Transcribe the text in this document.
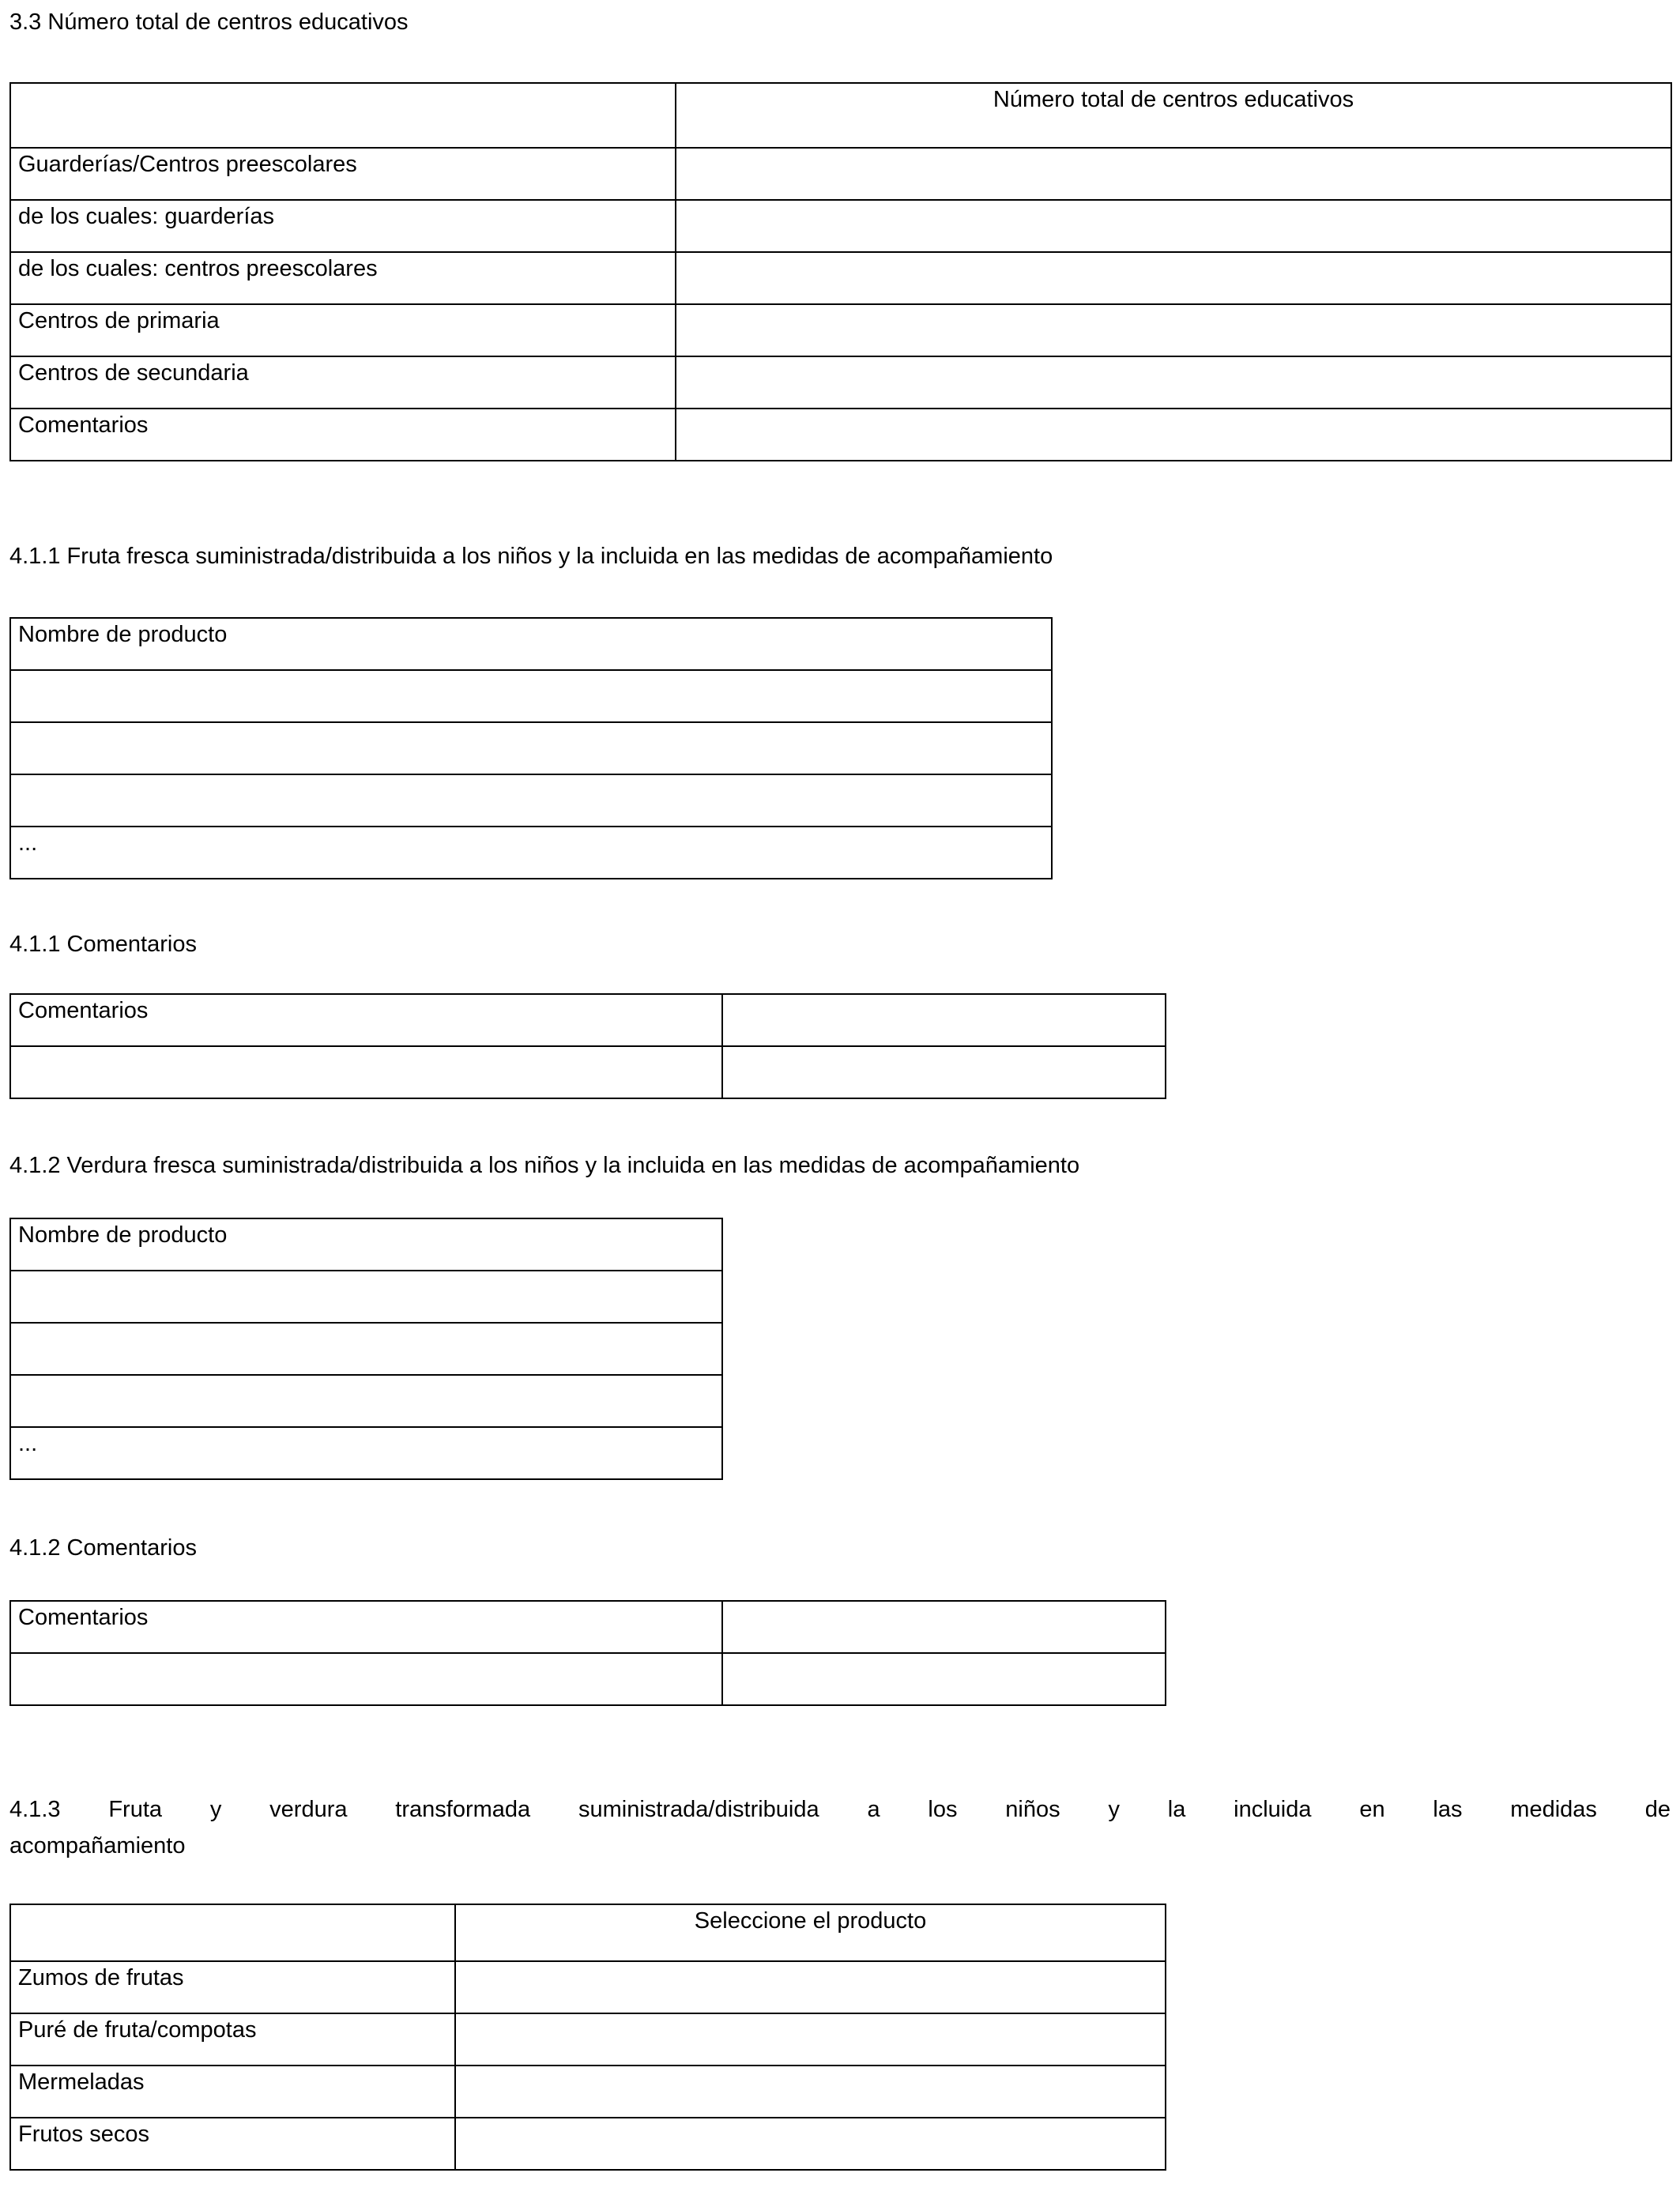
3.3 Número total de centros educativos
	Número total de centros educativos
Guarderías/Centros preescolares	
de los cuales: guarderías	
de los cuales: centros preescolares	
Centros de primaria	
Centros de secundaria	
Comentarios	
4.1.1 Fruta fresca suministrada/distribuida a los niños y la incluida en las medidas de acompañamiento
Nombre de producto

...
4.1.1 Comentarios
Comentarios	

4.1.2 Verdura fresca suministrada/distribuida a los niños y la incluida en las medidas de acompañamiento
Nombre de producto

...
4.1.2 Comentarios
Comentarios	

4.1.3 Fruta y verdura transformada suministrada/distribuida a los niños y la incluida en las medidas de
acompañamiento
	Seleccione el producto
Zumos de frutas	
Puré de fruta/compotas	
Mermeladas	
Frutos secos	
